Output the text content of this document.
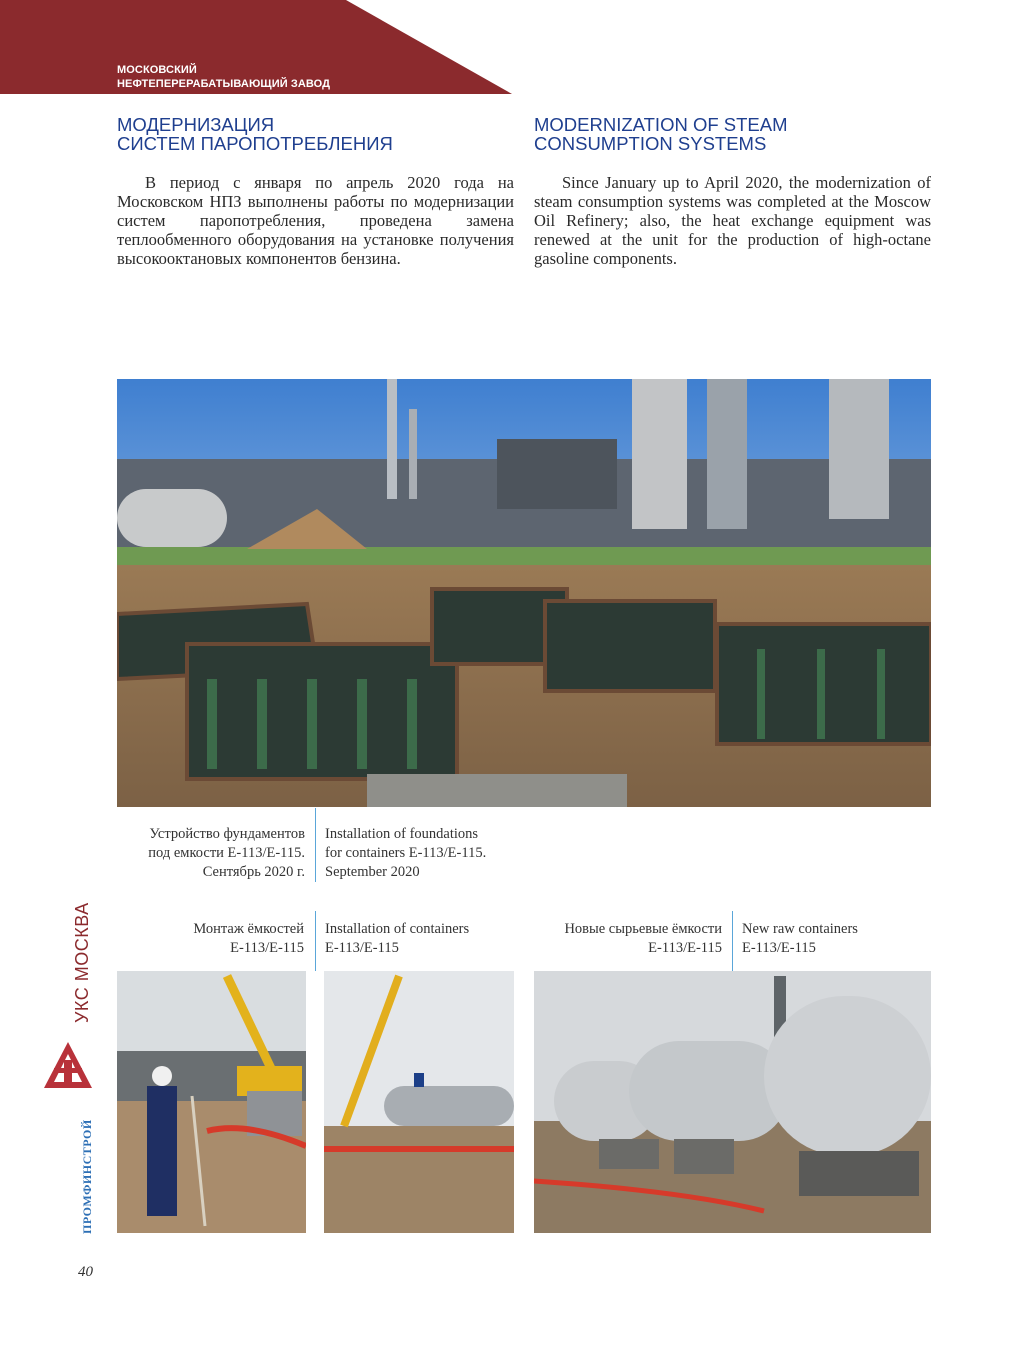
МОСКОВСКИЙ
НЕФТЕПЕРЕРАБАТЫВАЮЩИЙ ЗАВОД
МОДЕРНИЗАЦИЯ
СИСТЕМ ПАРОПОТРЕБЛЕНИЯ
MODERNIZATION OF STEAM
CONSUMPTION SYSTEMS

В период с января по апрель 2020 года на Московском НПЗ выполнены работы по модернизации систем паропотребления, проведена замена теплообменного оборудования на установке получения высокооктановых компонентов бензина.

Since January up to April 2020, the modernization of steam consumption systems was completed at the Moscow Oil Refinery; also, the heat exchange equipment was renewed at the unit for the production of high-octane gasoline components.

Устройство фундаментов
под емкости Е-113/Е-115.
Сентябрь 2020 г.
Installation of foundations
for containers E-113/E-115.
September 2020
Монтаж ёмкостей
Е-113/Е-115
Installation of containers
E-113/E-115
Новые сырьевые ёмкости
Е-113/Е-115
New raw containers
E-113/E-115
УКС МОСКВА
ПРОМФИНСТРОЙ
40
